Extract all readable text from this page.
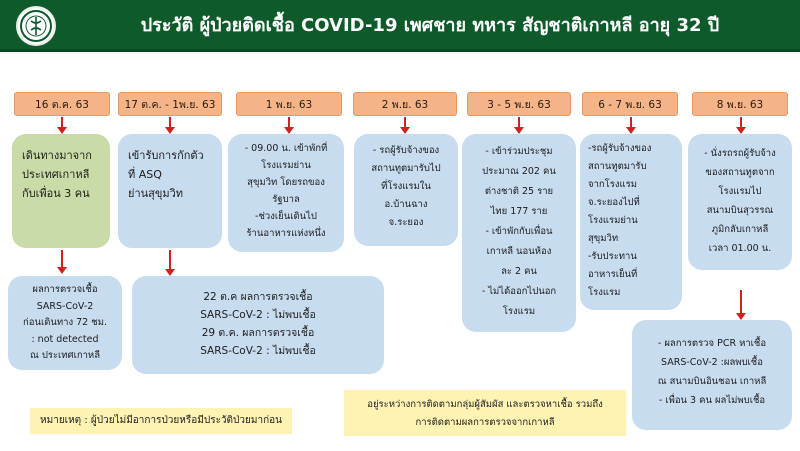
ประวัติ ผู้ป่วยติดเชื้อ COVID-19 เพศชาย ทหาร สัญชาติเกาหลี อายุ 32 ปี
16 ต.ค. 63	17 ต.ค. - 1พ.ย. 63	1 พ.ย. 63	2 พ.ย. 63	3 - 5 พ.ย. 63	6 - 7 พ.ย. 63	8 พ.ย. 63
เดินทางมาจาก
ประเทศเกาหลี
กับเพื่อน 3 คน
เข้ารับการกักตัว
ที่ ASQ
ย่านสุขุมวิท
- 09.00 น. เข้าพักที่
โรงแรมย่าน
สุขุมวิท โดยรถของ
รัฐบาล
-ช่วงเย็นเดินไป
ร้านอาหารแห่งหนึ่ง
- รถผู้รับจ้างของ
สถานทูตมารับไป
ที่โรงแรมใน
อ.บ้านฉาง
จ.ระยอง
- เข้าร่วมประชุม
ประมาณ 202 คน
ต่างชาติ 25 ราย
ไทย 177 ราย
- เข้าพักกับเพื่อน
เกาหลี นอนห้อง
ละ 2 คน
- ไม่ได้ออกไปนอก
โรงแรม
-รถผู้รับจ้างของ
สถานทูตมารับ
จากโรงแรม
จ.ระยองไปที่
โรงแรมย่าน
สุขุมวิท
-รับประทาน
อาหารเย็นที่
โรงแรม
- นั่งรถรถผู้รับจ้าง
ของสถานทูตจาก
โรงแรมไป
สนามบินสุวรรณ
ภูมิกลับเกาหลี
เวลา 01.00 น.
ผลการตรวจเชื้อ
SARS-CoV-2
ก่อนเดินทาง 72 ชม.
: not detected
ณ ประเทศเกาหลี
22 ต.ค ผลการตรวจเชื้อ
SARS-CoV-2 : ไม่พบเชื้อ
29 ต.ค. ผลการตรวจเชื้อ
SARS-CoV-2 : ไม่พบเชื้อ
- ผลการตรวจ PCR หาเชื้อ
SARS-CoV-2 :ผลพบเชื้อ
ณ สนามบินอินชอน เกาหลี
- เพื่อน 3 คน ผลไม่พบเชื้อ
หมายเหตุ : ผู้ป่วยไม่มีอาการป่วยหรือมีประวัติป่วยมาก่อน
อยู่ระหว่างการติดตามกลุ่มผู้สัมผัส และตรวจหาเชื้อ รวมถึง
การติดตามผลการตรวจจากเกาหลี
